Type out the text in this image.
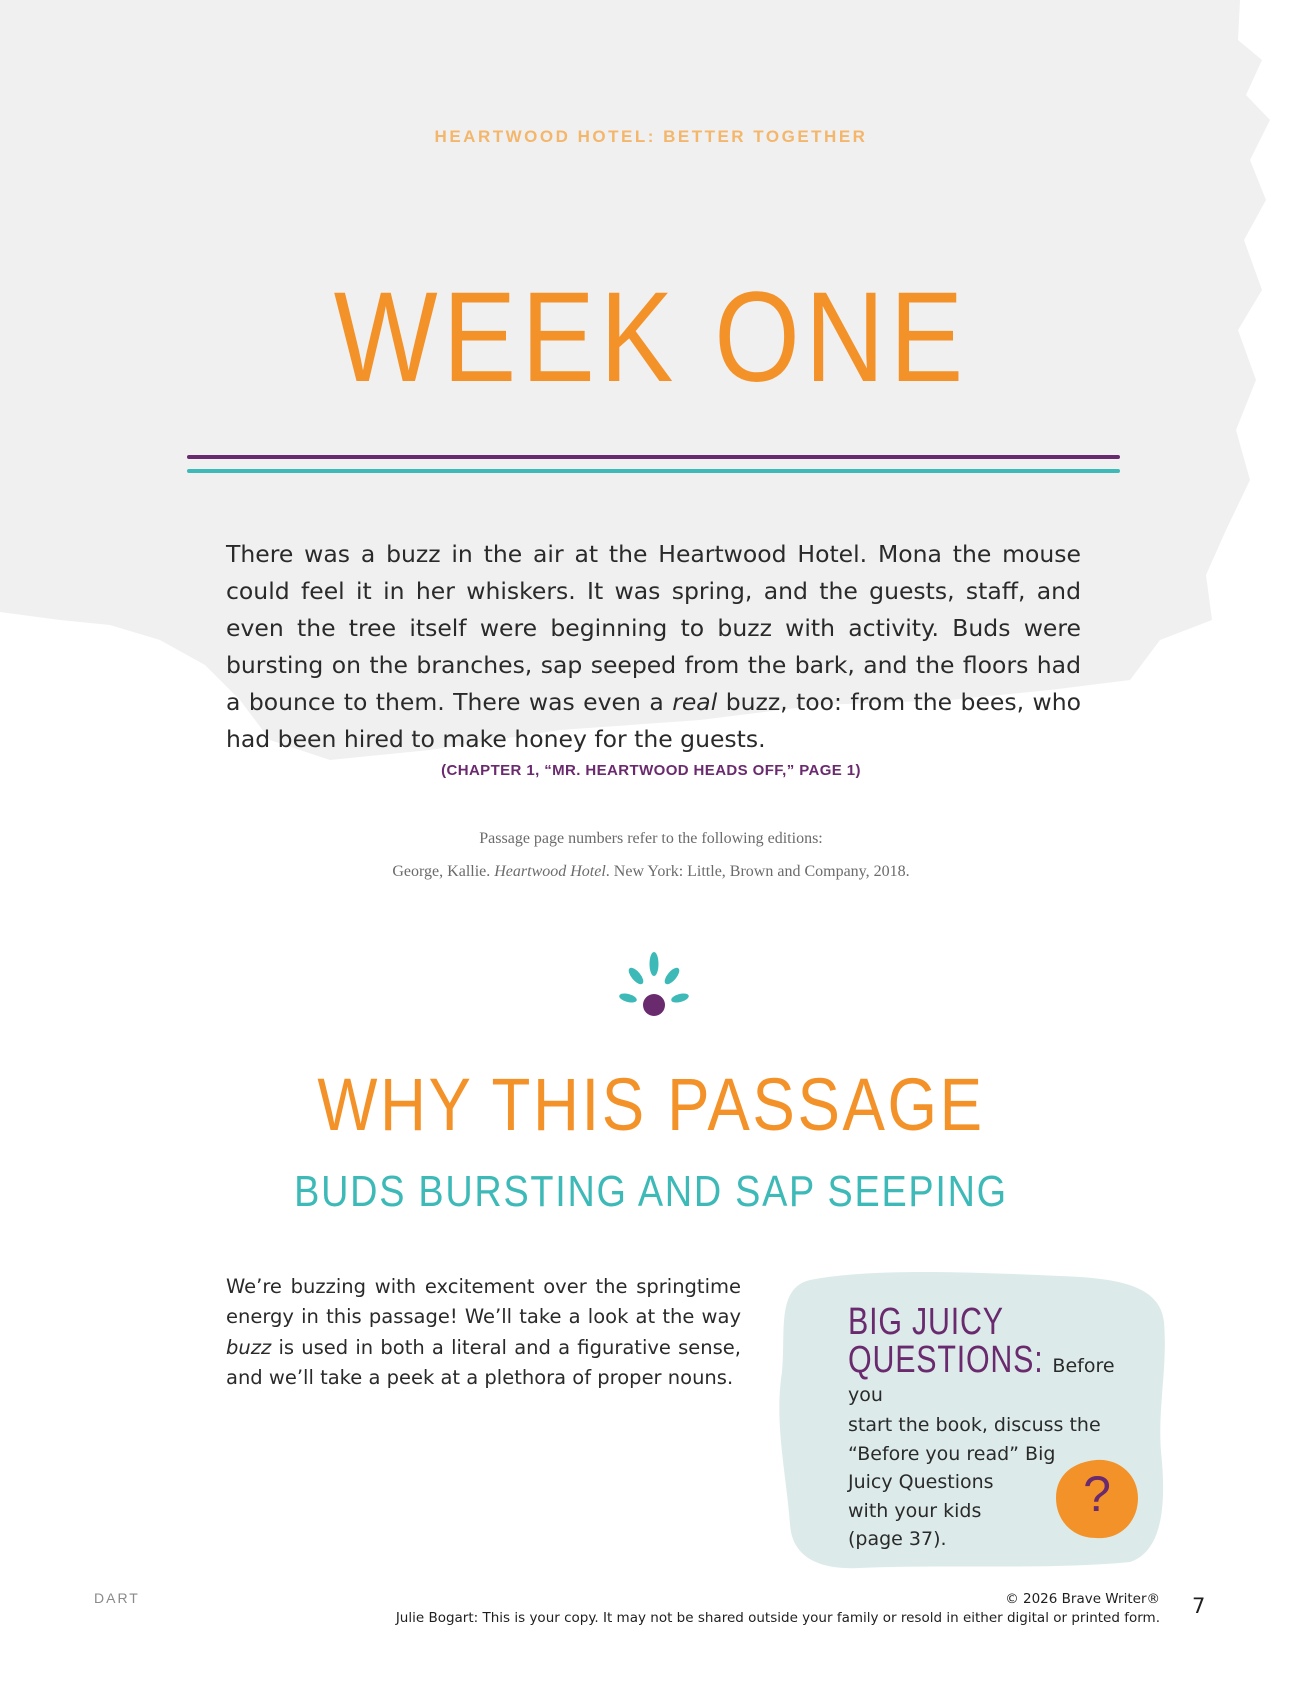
HEARTWOOD HOTEL: BETTER TOGETHER
WEEK ONE

There was a buzz in the air at the Heartwood Hotel. Mona the mouse could feel it in her whiskers. It was spring, and the guests, staff, and even the tree itself were beginning to buzz with activity. Buds were bursting on the branches, sap seeped from the bark, and the floors had a bounce to them. There was even a real buzz, too: from the bees, who had been hired to make honey for the guests.

(CHAPTER 1, “MR. HEARTWOOD HEADS OFF,” PAGE 1)
Passage page numbers refer to the following editions:
George, Kallie. Heartwood Hotel. New York: Little, Brown and Company, 2018.
WHY THIS PASSAGE
BUDS BURSTING AND SAP SEEPING

We’re buzzing with excitement over the springtime energy in this passage! We’ll take a look at the way buzz is used in both a literal and a figurative sense, and we’ll take a peek at a plethora of proper nouns.

BIG JUICY
QUESTIONS: Before you
start the book, discuss the
“Before you read” Big
Juicy Questions
with your kids
(page 37).
?
DART	© 2026 Brave Writer®
Julie Bogart: This is your copy. It may not be shared outside your family or resold in either digital or printed form. 7
